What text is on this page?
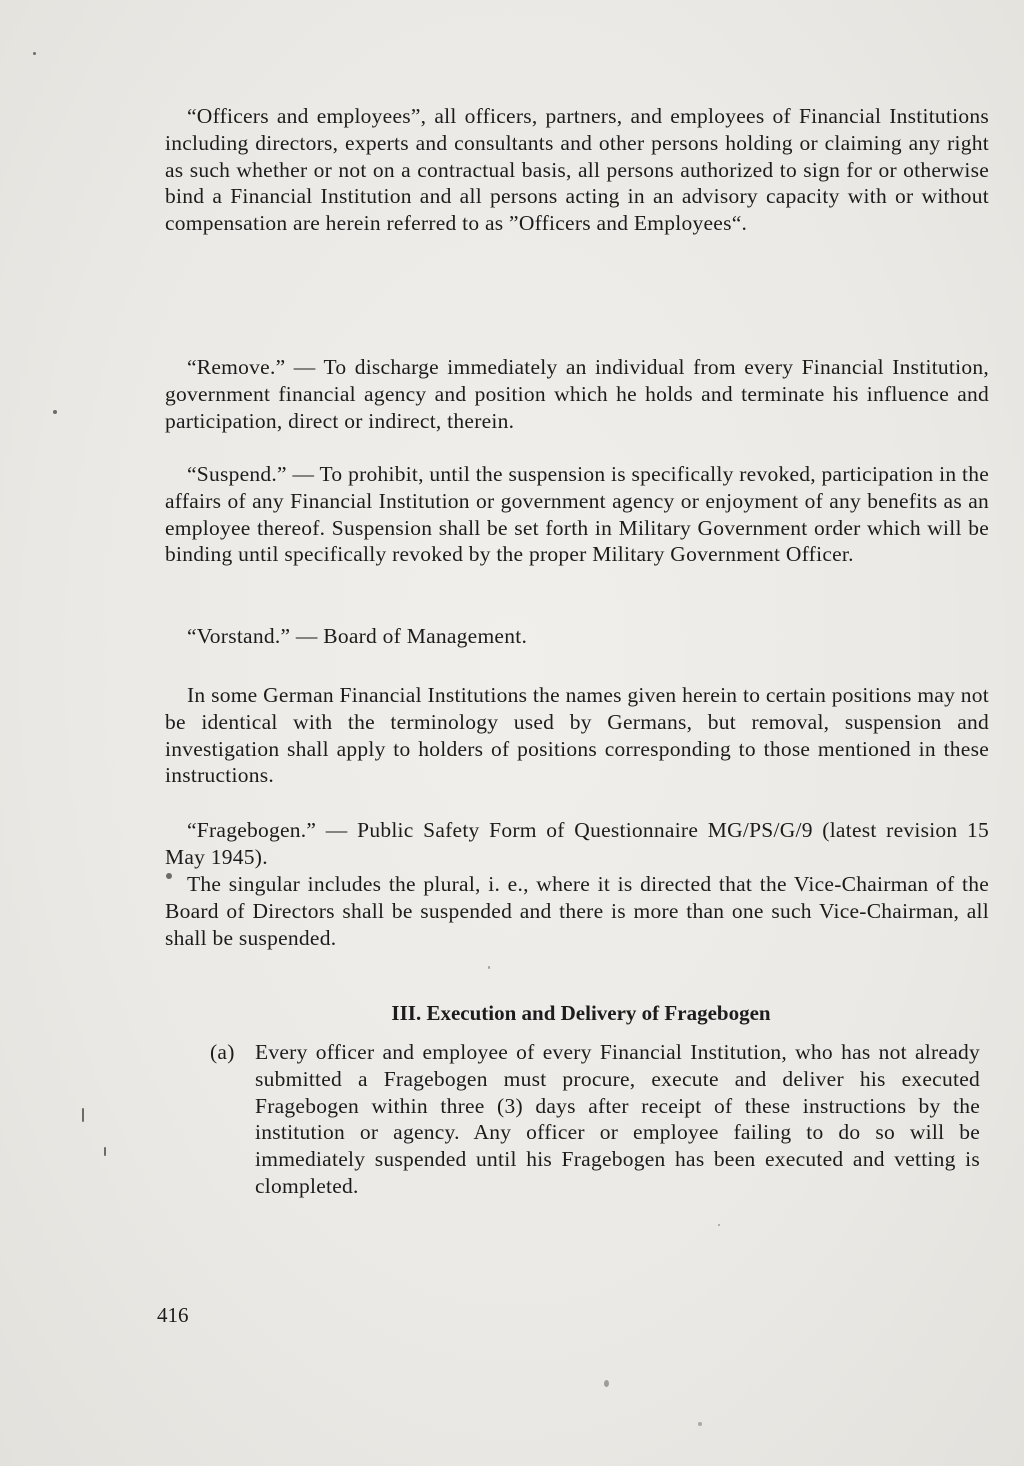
“Officers and employees”, all officers, partners, and employees of Financial Institutions including directors, experts and consultants and other persons holding or claiming any right as such whether or not on a contractual basis, all persons authorized to sign for or otherwise bind a Financial Institution and all persons acting in an advisory capacity with or without compensation are herein referred to as ”Officers and Employees“.

“Remove.” — To discharge immediately an individual from every Financial Institution, government financial agency and position which he holds and terminate his influence and participation, direct or indirect, therein.

“Suspend.” — To prohibit, until the suspension is specifically revoked, participation in the affairs of any Financial Institution or government agency or enjoyment of any benefits as an employee thereof. Suspension shall be set forth in Military Government order which will be binding until specifically revoked by the proper Military Government Officer.

“Vorstand.” — Board of Management.

In some German Financial Institutions the names given herein to certain positions may not be identical with the terminology used by Germans, but removal, suspension and investigation shall apply to holders of positions corresponding to those mentioned in these instructions.

“Fragebogen.” — Public Safety Form of Questionnaire MG/PS/G/9 (latest revision 15 May 1945).

The singular includes the plural, i. e., where it is directed that the Vice-Chairman of the Board of Directors shall be suspended and there is more than one such Vice-Chairman, all shall be suspended.

III. Execution and Delivery of Fragebogen
(a) Every officer and employee of every Financial Institution, who has not already submitted a Fragebogen must procure, execute and deliver his executed Fragebogen within three (3) days after receipt of these instructions by the institution or agency. Any officer or employee failing to do so will be immediately suspended until his Fragebogen has been executed and vetting is clompleted.
416
